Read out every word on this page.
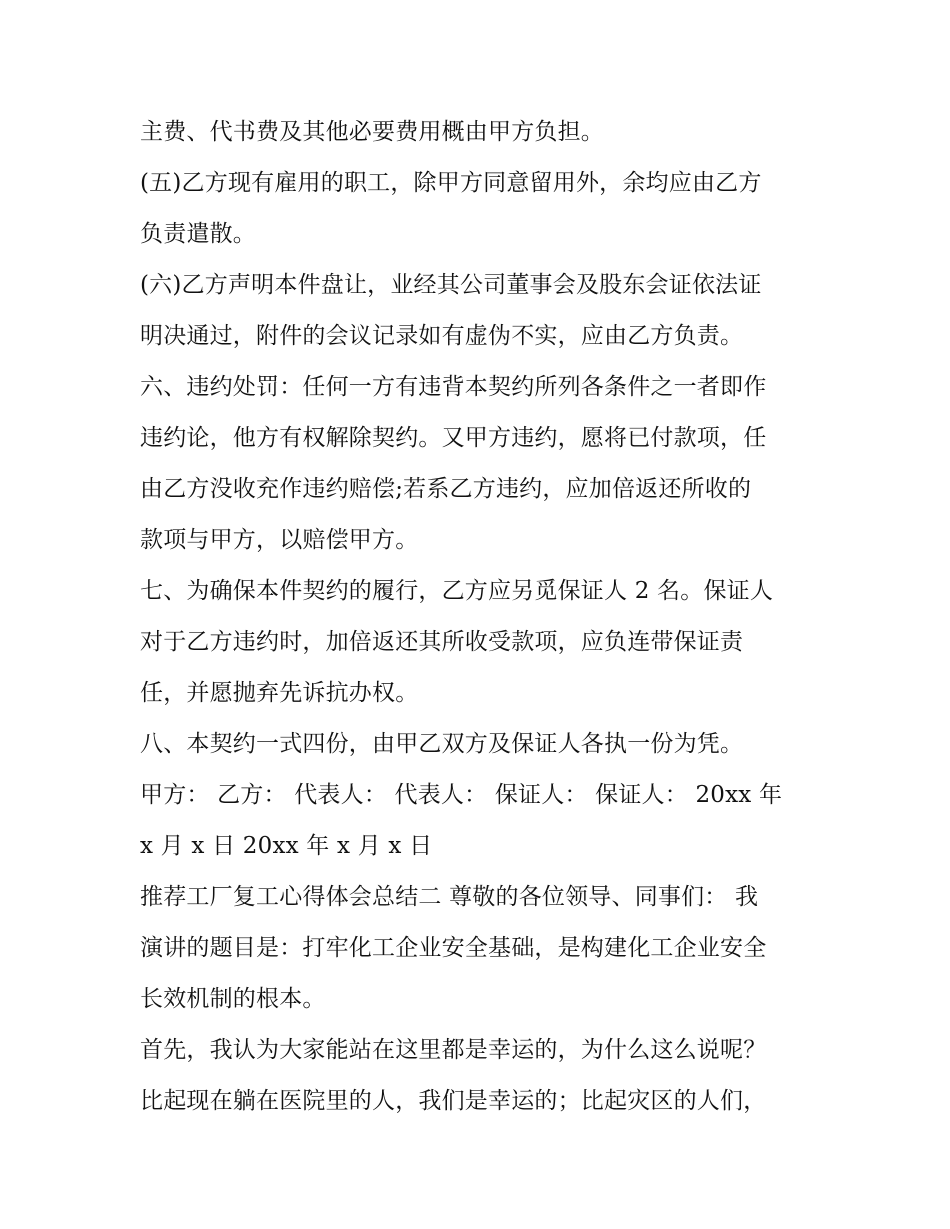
主费、代书费及其他必要费用概由甲方负担。
(五)乙方现有雇用的职工，除甲方同意留用外，余均应由乙方
负责遣散。
(六)乙方声明本件盘让，业经其公司董事会及股东会证依法证
明决通过，附件的会议记录如有虚伪不实，应由乙方负责。
六、违约处罚：任何一方有违背本契约所列各条件之一者即作
违约论，他方有权解除契约。又甲方违约，愿将已付款项，任
由乙方没收充作违约赔偿;若系乙方违约，应加倍返还所收的
款项与甲方，以赔偿甲方。
七、为确保本件契约的履行，乙方应另觅保证人 2 名。保证人
对于乙方违约时，加倍返还其所收受款项，应负连带保证责
任，并愿抛弃先诉抗办权。
八、本契约一式四份，由甲乙双方及保证人各执一份为凭。
甲方： 乙方： 代表人： 代表人： 保证人： 保证人： 20xx 年
x 月 x 日 20xx 年 x 月 x 日
推荐工厂复工心得体会总结二 尊敬的各位领导、同事们： 我
演讲的题目是：打牢化工企业安全基础，是构建化工企业安全
长效机制的根本。
首先，我认为大家能站在这里都是幸运的，为什么这么说呢？
比起现在躺在医院里的人，我们是幸运的；比起灾区的人们，
